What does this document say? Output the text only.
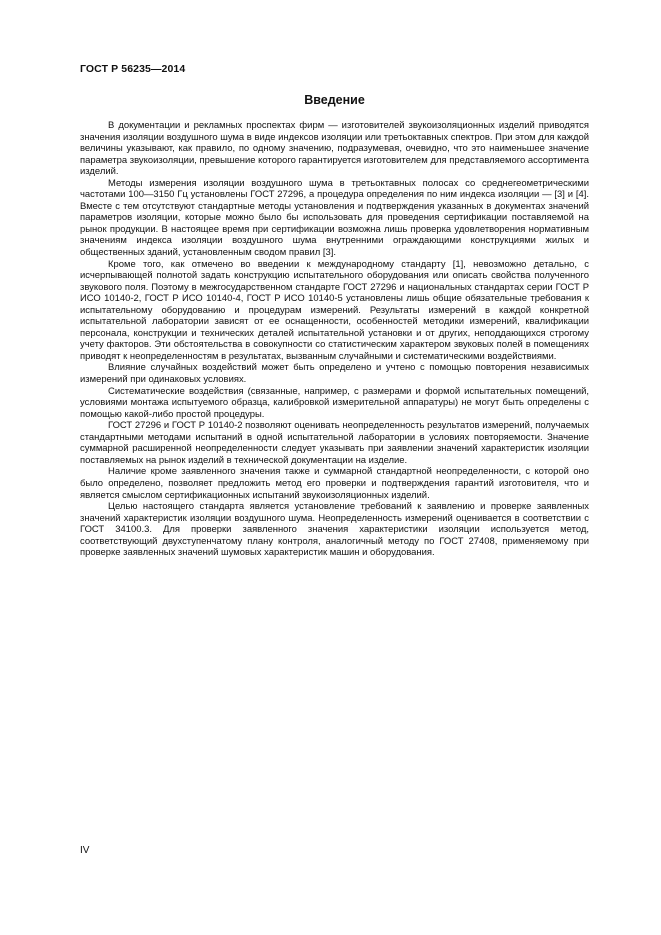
ГОСТ Р 56235—2014
Введение

В документации и рекламных проспектах фирм — изготовителей звукоизоляционных изделий приводятся значения изоляции воздушного шума в виде индексов изоляции или третьоктавных спектров. При этом для каждой величины указывают, как правило, по одному значению, подразумевая, очевидно, что это наименьшее значение параметра звукоизоляции, превышение которого гарантируется изготовителем для представляемого ассортимента изделий.

Методы измерения изоляции воздушного шума в третьоктавных полосах со среднегеометрическими частотами 100—3150 Гц установлены ГОСТ 27296, а процедура определения по ним индекса изоляции — [3] и [4]. Вместе с тем отсутствуют стандартные методы установления и подтверждения указанных в документах значений параметров изоляции, которые можно было бы использовать для проведения сертификации поставляемой на рынок продукции. В настоящее время при сертификации возможна лишь проверка удовлетворения нормативным значениям индекса изоляции воздушного шума внутренними ограждающими конструкциями жилых и общественных зданий, установленным сводом правил [3].

Кроме того, как отмечено во введении к международному стандарту [1], невозможно детально, с исчерпывающей полнотой задать конструкцию испытательного оборудования или описать свойства полученного звукового поля. Поэтому в межгосударственном стандарте ГОСТ 27296 и национальных стандартах серии ГОСТ Р ИСО 10140-2, ГОСТ Р ИСО 10140-4, ГОСТ Р ИСО 10140-5 установлены лишь общие обязательные требования к испытательному оборудованию и процедурам измерений. Результаты измерений в каждой конкретной испытательной лаборатории зависят от ее оснащенности, особенностей методики измерений, квалификации персонала, конструкции и технических деталей испытательной установки и от других, неподдающихся строгому учету факторов. Эти обстоятельства в совокупности со статистическим характером звуковых полей в помещениях приводят к неопределенностям в результатах, вызванным случайными и систематическими воздействиями.

Влияние случайных воздействий может быть определено и учтено с помощью повторения независимых измерений при одинаковых условиях.

Систематические воздействия (связанные, например, с размерами и формой испытательных помещений, условиями монтажа испытуемого образца, калибровкой измерительной аппаратуры) не могут быть определены с помощью какой-либо простой процедуры.

ГОСТ 27296 и ГОСТ Р 10140-2 позволяют оценивать неопределенность результатов измерений, получаемых стандартными методами испытаний в одной испытательной лаборатории в условиях повторяемости. Значение суммарной расширенной неопределенности следует указывать при заявлении значений характеристик изоляции поставляемых на рынок изделий в технической документации на изделие.

Наличие кроме заявленного значения также и суммарной стандартной неопределенности, с которой оно было определено, позволяет предложить метод его проверки и подтверждения гарантий изготовителя, что и является смыслом сертификационных испытаний звукоизоляционных изделий.

Целью настоящего стандарта является установление требований к заявлению и проверке заявленных значений характеристик изоляции воздушного шума. Неопределенность измерений оценивается в соответствии с ГОСТ 34100.3. Для проверки заявленного значения характеристики изоляции используется метод, соответствующий двухступенчатому плану контроля, аналогичный методу по ГОСТ 27408, применяемому при проверке заявленных значений шумовых характеристик машин и оборудования.

IV
